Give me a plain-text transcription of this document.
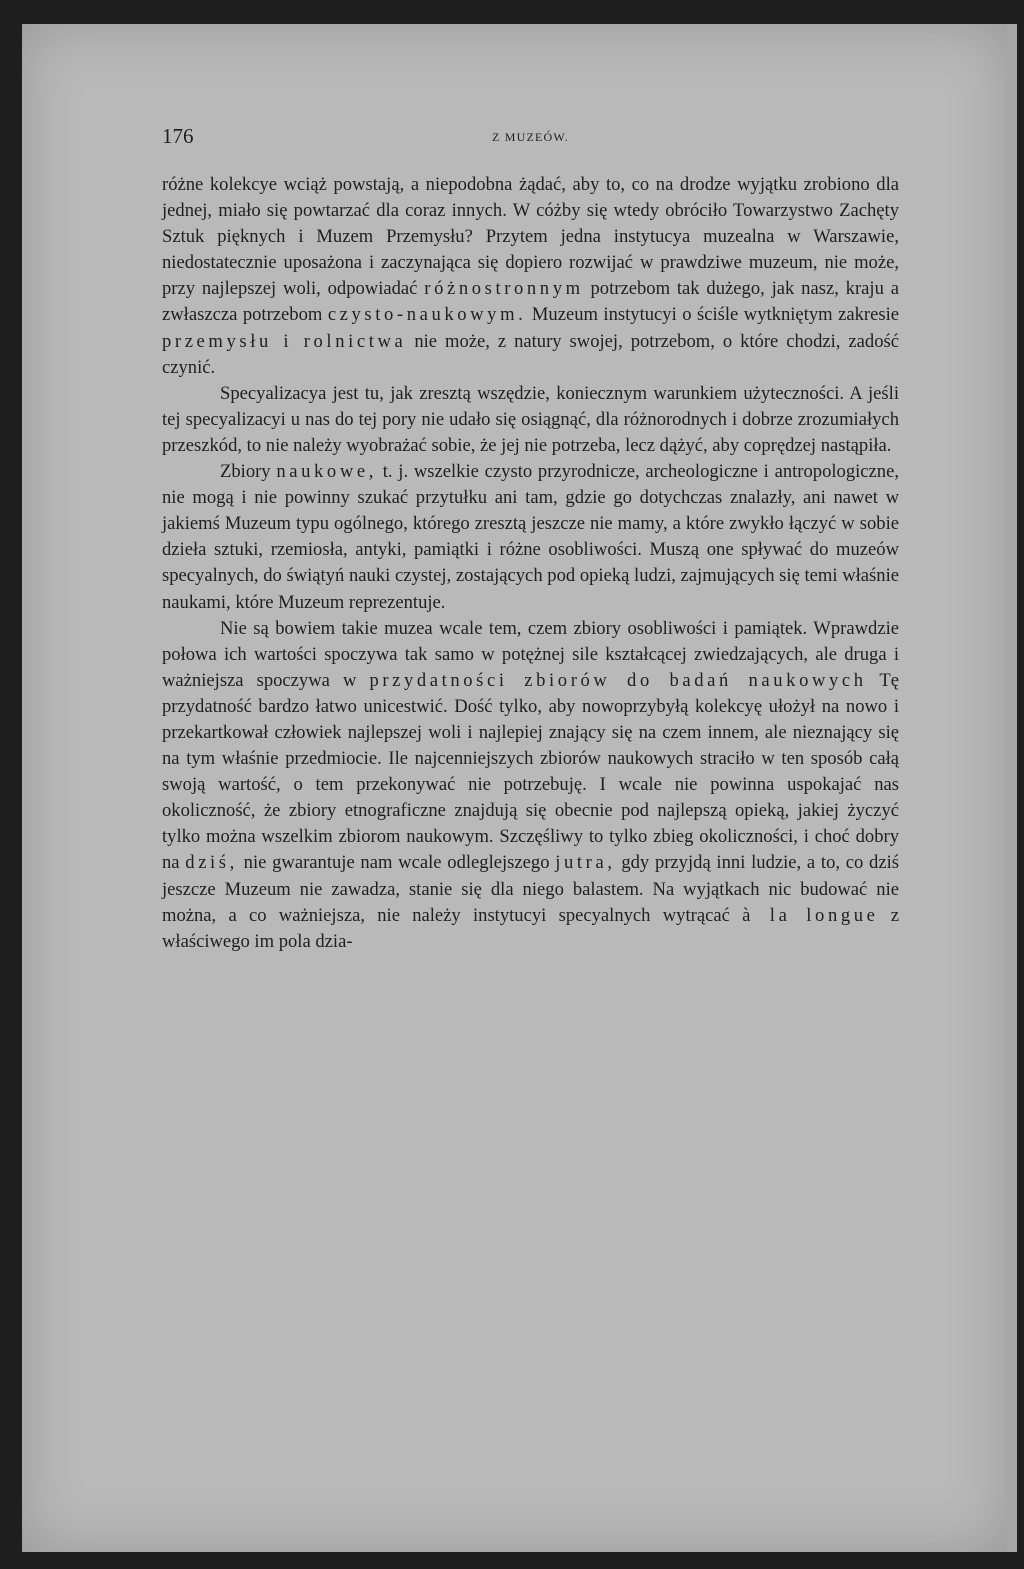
176	Z MUZEÓW.

różne kolekcye wciąż powstają, a niepodobna żądać, aby to, co na drodze wyjątku zrobiono dla jednej, miało się powtarzać dla coraz innych. W cóżby się wtedy obróciło Towarzystwo Zachęty Sztuk pięknych i Muzem Przemysłu? Przytem jedna instytucya muzealna w Warszawie, niedostatecznie uposażona i zaczynająca się dopiero rozwijać w prawdziwe muzeum, nie może, przy najlepszej woli, odpowiadać różnostronnym potrzebom tak dużego, jak nasz, kraju a zwłaszcza potrzebom czysto-naukowym. Muzeum instytucyi o ściśle wytkniętym zakresie przemysłu i rolnictwa nie może, z natury swojej, potrzebom, o które chodzi, zadość czynić.

Specyalizacya jest tu, jak zresztą wszędzie, koniecznym warunkiem użyteczności. A jeśli tej specyalizacyi u nas do tej pory nie udało się osiągnąć, dla różnorodnych i dobrze zrozumiałych przeszkód, to nie należy wyobrażać sobie, że jej nie potrzeba, lecz dążyć, aby coprędzej nastąpiła.

Zbiory naukowe, t. j. wszelkie czysto przyrodnicze, archeologiczne i antropologiczne, nie mogą i nie powinny szukać przytułku ani tam, gdzie go dotychczas znalazły, ani nawet w jakiemś Muzeum typu ogólnego, którego zresztą jeszcze nie mamy, a które zwykło łączyć w sobie dzieła sztuki, rzemiosła, antyki, pamiątki i różne osobliwości. Muszą one spływać do muzeów specyalnych, do świątyń nauki czystej, zostających pod opieką ludzi, zajmujących się temi właśnie naukami, które Muzeum reprezentuje.

Nie są bowiem takie muzea wcale tem, czem zbiory osobliwości i pamiątek. Wprawdzie połowa ich wartości spoczywa tak samo w potężnej sile kształcącej zwiedzających, ale druga i ważniejsza spoczywa w przydatności zbiorów do badań naukowych Tę przydatność bardzo łatwo unicestwić. Dość tylko, aby nowoprzybyłą kolekcyę ułożył na nowo i przekartkował człowiek najlepszej woli i najlepiej znający się na czem innem, ale nieznający się na tym właśnie przedmiocie. Ile najcenniejszych zbiorów naukowych straciło w ten sposób całą swoją wartość, o tem przekonywać nie potrzebuję. I wcale nie powinna uspokajać nas okoliczność, że zbiory etnograficzne znajdują się obecnie pod najlepszą opieką, jakiej życzyć tylko można wszelkim zbiorom naukowym. Szczęśliwy to tylko zbieg okoliczności, i choć dobry na dziś, nie gwarantuje nam wcale odleglejszego jutra, gdy przyjdą inni ludzie, a to, co dziś jeszcze Muzeum nie zawadza, stanie się dla niego balastem. Na wyjątkach nic budować nie można, a co ważniejsza, nie należy instytucyi specyalnych wytrącać à la longue z właściwego im pola dzia-
